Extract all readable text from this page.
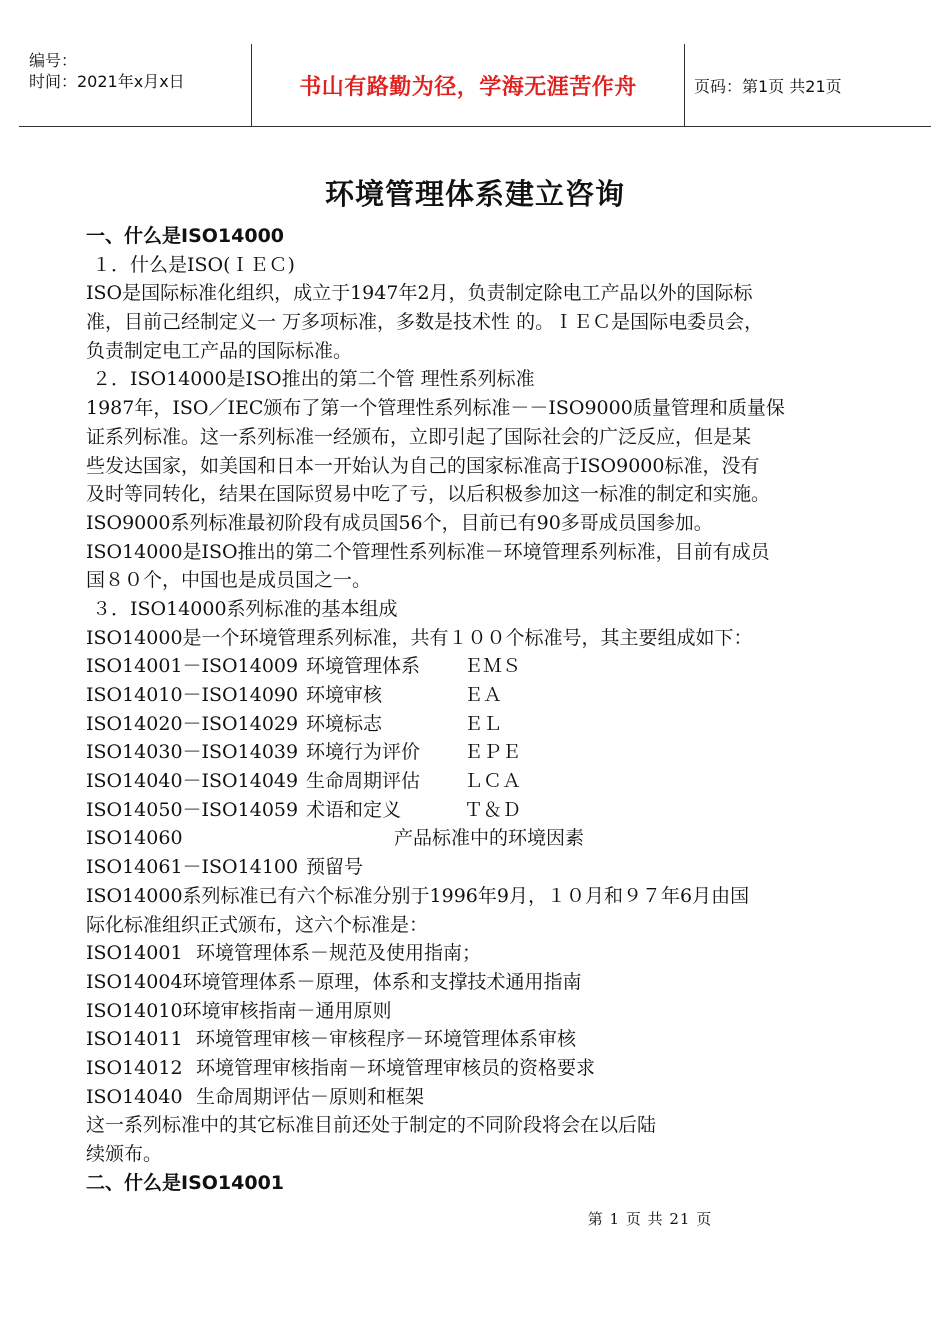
编号：
时间：2021年x月x日	书山有路勤为径，学海无涯苦作舟	页码：第1页 共21页
环境管理体系建立咨询
一、什么是ISO14000
１．什么是ISO(ＩＥＣ)
ISO是国际标准化组织，成立于1947年2月，负责制定除电工产品以外的国际标
准，目前己经制定义一 万多项标准，多数是技术性 的。ＩＥＣ是国际电委员会，
负责制定电工产品的国际标准。
２．ISO14000是ISO推出的第二个管 理性系列标准
1987年，ISO／IEC颁布了第一个管理性系列标准－－ISO9000质量管理和质量保
证系列标准。这一系列标准一经颁布，立即引起了国际社会的广泛反应，但是某
些发达国家，如美国和日本一开始认为自己的国家标准高于ISO9000标准，没有
及时等同转化，结果在国际贸易中吃了亏，以后积极参加这一标准的制定和实施。
ISO9000系列标准最初阶段有成员国56个，目前已有90多哥成员国参加。
ISO14000是ISO推出的第二个管理性系列标准－环境管理系列标准，目前有成员
国８０个，中国也是成员国之一。
３．ISO14000系列标准的基本组成
ISO14000是一个环境管理系列标准，共有１００个标准号，其主要组成如下：
ISO14001－ISO14009 环境管理体系	ＥＭＳ
ISO14010－ISO14090 环境审核	ＥＡ
ISO14020－ISO14029 环境标志	ＥＬ
ISO14030－ISO14039 环境行为评价	ＥＰＥ
ISO14040－ISO14049 生命周期评估	ＬＣＡ
ISO14050－ISO14059 术语和定义	Ｔ＆Ｄ
ISO14060	产品标准中的环境因素
ISO14061－ISO14100 预留号
ISO14000系列标准已有六个标准分别于1996年9月，１０月和９７年6月由国
际化标准组织正式颁布，这六个标准是：
ISO14001 环境管理体系－规范及使用指南；
ISO14004环境管理体系－原理，体系和支撑技术通用指南
ISO14010环境审核指南－通用原则
ISO14011 环境管理审核－审核程序－环境管理体系审核
ISO14012 环境管理审核指南－环境管理审核员的资格要求
ISO14040 生命周期评估－原则和框架
这一系列标准中的其它标准目前还处于制定的不同阶段将会在以后陆
续颁布。
二、什么是ISO14001
第 1 页 共 21 页
